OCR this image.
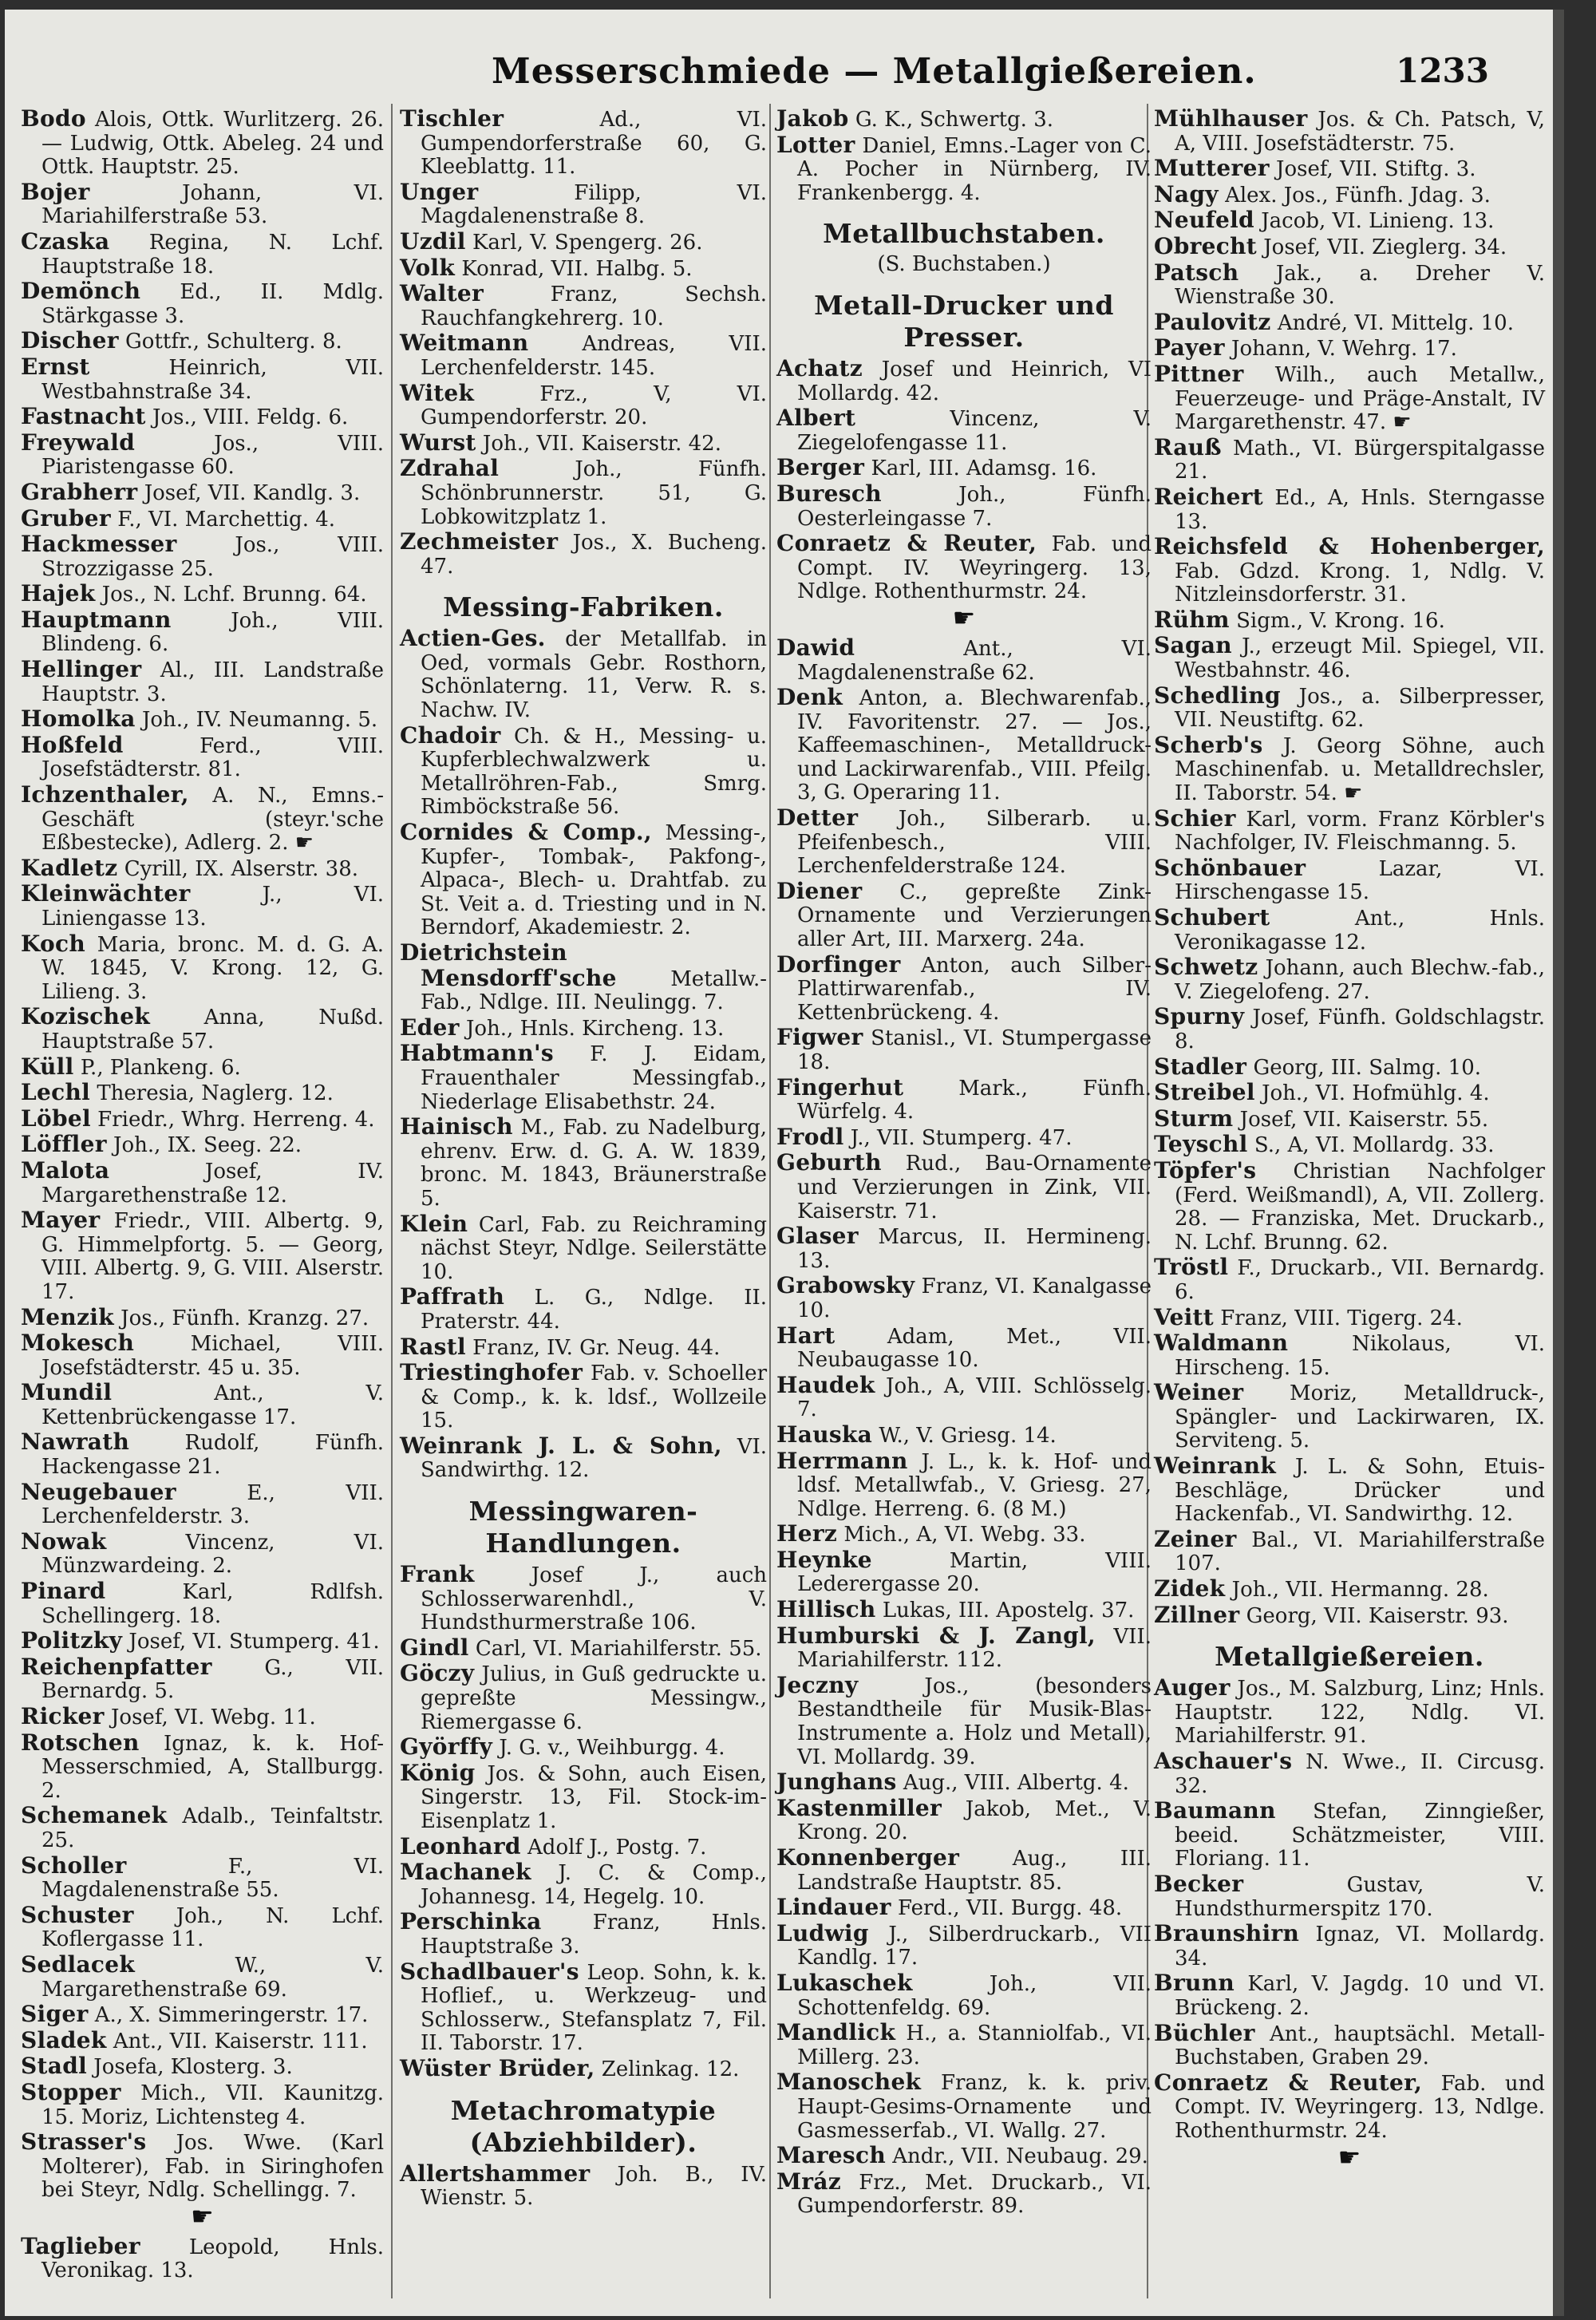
Messerschmiede — Metallgießereien.	1233
Bodo Alois, Ottk. Wurlitzerg. 26. — Ludwig, Ottk. Abeleg. 24 und Ottk. Hauptstr. 25.
Bojer	Johann, VI. Mariahilferstraße 53.
Czaska Regina, N. Lchf. Hauptstraße 18.
Demönch Ed., II. Mdlg. Stärkgasse 3.
Discher Gottfr., Schulterg. 8.
Ernst	Heinrich, VII. Westbahnstraße 34.
Fastnacht Jos., VIII. Feldg. 6.
Freywald	Jos., VIII. Piaristengasse 60.
Grabherr Josef, VII. Kandlg. 3.
Gruber F., VI. Marchettig. 4.
Hackmesser	Jos., VIII. Strozzigasse 25.
Hajek Jos., N. Lchf. Brunng. 64.
Hauptmann	Joh., VIII. Blindeng. 6.
Hellinger Al., III. Landstraße Hauptstr. 3.
Homolka Joh., IV. Neumanng. 5.
Hoßfeld	Ferd., VIII. Josefstädterstr. 81.
Ichzenthaler, A. N., Emns.-Geschäft (steyr.'sche Eßbestecke), Adlerg. 2. ☛
Kadletz Cyrill, IX. Alserstr. 38.
Kleinwächter	J., VI. Liniengasse 13.
Koch Maria, bronc. M. d. G. A. W. 1845, V. Krong. 12, G. Lilieng. 3.
Kozischek	Anna, Nußd. Hauptstraße 57.
Küll P., Plankeng. 6.
Lechl Theresia, Naglerg. 12.
Löbel Friedr., Whrg. Herreng. 4.
Löffler Joh., IX. Seeg. 22.
Malota	Josef, IV. Margarethenstraße 12.
Mayer Friedr., VIII. Albertg. 9, G. Himmelpfortg. 5. — Georg, VIII. Albertg. 9, G. VIII. Alserstr. 17.
Menzik Jos., Fünfh. Kranzg. 27.
Mokesch	Michael, VIII. Josefstädterstr. 45 u. 35.
Mundil	Ant., V. Kettenbrückengasse 17.
Nawrath	Rudolf, Fünfh. Hackengasse 21.
Neugebauer	E., VII. Lerchenfelderstr. 3.
Nowak	Vincenz, VI. Münzwardeing. 2.
Pinard	Karl, Rdlfsh. Schellingerg. 18.
Politzky Josef, VI. Stumperg. 41.
Reichenpfatter	G., VII. Bernardg. 5.
Ricker Josef, VI. Webg. 11.
Rotschen Ignaz, k. k. Hof-Messerschmied, A, Stallburgg. 2.
Schemanek Adalb., Teinfaltstr. 25.
Scholler	F., VI. Magdalenenstraße 55.
Schuster Joh., N. Lchf. Koflergasse 11.
Sedlacek	W., V. Margarethenstraße 69.
Siger A., X. Simmeringerstr. 17.
Sladek Ant., VII. Kaiserstr. 111.
Stadl Josefa, Klosterg. 3.
Stopper Mich., VII. Kaunitzg. 15. Moriz, Lichtensteg 4.
Strasser's Jos. Wwe. (Karl Molterer), Fab. in Siringhofen bei Steyr, Ndlg. Schellingg. 7.
☛
Taglieber Leopold, Hnls. Veronikag. 13.
Tischler	Ad., VI. Gumpendorferstraße 60, G. Kleeblattg. 11.
Unger	Filipp, VI. Magdalenenstraße 8.
Uzdil Karl, V. Spengerg. 26.
Volk Konrad, VII. Halbg. 5.
Walter	Franz, Sechsh. Rauchfangkehrerg. 10.
Weitmann	Andreas, VII. Lerchenfelderstr. 145.
Witek	Frz., V, VI. Gumpendorferstr. 20.
Wurst Joh., VII. Kaiserstr. 42.
Zdrahal	Joh., Fünfh. Schönbrunnerstr. 51, G. Lobkowitzplatz 1.
Zechmeister Jos., X. Bucheng. 47.
Messing-Fabriken.
Actien-Ges. der Metallfab. in Oed, vormals Gebr. Rosthorn, Schönlaterng. 11, Verw. R. s. Nachw. IV.
Chadoir Ch. & H., Messing- u. Kupferblechwalzwerk u. Metallröhren-Fab., Smrg. Rimböckstraße 56.
Cornides & Comp., Messing-, Kupfer-, Tombak-, Pakfong-, Alpaca-, Blech- u. Drahtfab. zu St. Veit a. d. Triesting und in N. Berndorf, Akademiestr. 2.
Dietrichstein Mensdorff'sche	Metallw.-Fab., Ndlge. III. Neulingg. 7.
Eder Joh., Hnls. Kircheng. 13.
Habtmann's F. J. Eidam, Frauenthaler Messingfab., Niederlage Elisabethstr. 24.
Hainisch M., Fab. zu Nadelburg, ehrenv. Erw. d. G. A. W. 1839, bronc. M. 1843, Bräunerstraße 5.
Klein Carl, Fab. zu Reichraming nächst Steyr, Ndlge. Seilerstätte 10.
Paffrath L. G., Ndlge. II. Praterstr. 44.
Rastl Franz, IV. Gr. Neug. 44.
Triestinghofer Fab. v. Schoeller & Comp., k. k. ldsf., Wollzeile 15.
Weinrank J. L. & Sohn, VI. Sandwirthg. 12.
Messingwaren-Handlungen.
Frank	Josef J., auch Schlosserwarenhdl., V. Hundsthurmerstraße 106.
Gindl Carl, VI. Mariahilferstr. 55.
Göczy Julius, in Guß gedruckte u. gepreßte Messingw., Riemergasse 6.
Györffy J. G. v., Weihburgg. 4.
König Jos. & Sohn, auch Eisen, Singerstr. 13, Fil. Stock-im-Eisenplatz 1.
Leonhard Adolf J., Postg. 7.
Machanek J. C. & Comp., Johannesg. 14, Hegelg. 10.
Perschinka Franz, Hnls. Hauptstraße 3.
Schadlbauer's Leop. Sohn, k. k. Hoflief., u. Werkzeug- und Schlosserw., Stefansplatz 7, Fil. II. Taborstr. 17.
Wüster Brüder, Zelinkag. 12.
Metachromatypie (Abziehbilder).
Allertshammer Joh. B., IV. Wienstr. 5.
Jakob G. K., Schwertg. 3.
Lotter Daniel, Emns.-Lager von C. A. Pocher in Nürnberg, IV. Frankenbergg. 4.
Metallbuchstaben.
(S. Buchstaben.)
Metall-Drucker und Presser.
Achatz Josef und Heinrich, VI Mollardg. 42.
Albert	Vincenz, V. Ziegelofengasse 11.
Berger Karl, III. Adamsg. 16.
Buresch	Joh., Fünfh. Oesterleingasse 7.
Conraetz & Reuter, Fab. und Compt. IV. Weyringerg. 13, Ndlge. Rothenthurmstr. 24.
☛
Dawid	Ant., VI. Magdalenenstraße 62.
Denk Anton, a. Blechwarenfab., IV. Favoritenstr. 27. — Jos., Kaffeemaschinen-, Metalldruck- und Lackirwarenfab., VIII. Pfeilg. 3, G. Operaring 11.
Detter Joh., Silberarb. u. Pfeifenbesch., VIII. Lerchenfelderstraße 124.
Diener C., gepreßte Zink-Ornamente und Verzierungen aller Art, III. Marxerg. 24a.
Dorfinger Anton, auch Silber-Plattirwarenfab., IV. Kettenbrückeng. 4.
Figwer Stanisl., VI. Stumpergasse 18.
Fingerhut	Mark., Fünfh. Würfelg. 4.
Frodl J., VII. Stumperg. 47.
Geburth Rud., Bau-Ornamente und Verzierungen in Zink, VII. Kaiserstr. 71.
Glaser Marcus, II. Hermineng. 13.
Grabowsky Franz, VI. Kanalgasse 10.
Hart	Adam, Met., VII. Neubaugasse 10.
Haudek Joh., A, VIII. Schlösselg. 7.
Hauska W., V. Griesg. 14.
Herrmann J. L., k. k. Hof- und ldsf. Metallwfab., V. Griesg. 27, Ndlge. Herreng. 6. (8 M.)
Herz Mich., A, VI. Webg. 33.
Heynke	Martin, VIII. Lederergasse 20.
Hillisch Lukas, III. Apostelg. 37.
Humburski & J. Zangl, VII. Mariahilferstr. 112.
Jeczny	Jos., (besonders Bestandtheile für Musik-Blas-Instrumente a. Holz und Metall), VI. Mollardg. 39.
Junghans Aug., VIII. Albertg. 4.
Kastenmiller Jakob, Met., V. Krong. 20.
Konnenberger	Aug., III. Landstraße Hauptstr. 85.
Lindauer Ferd., VII. Burgg. 48.
Ludwig J., Silberdruckarb., VII Kandlg. 17.
Lukaschek	Joh., VII. Schottenfeldg. 69.
Mandlick H., a. Stanniolfab., VI. Millerg. 23.
Manoschek Franz, k. k. priv. Haupt-Gesims-Ornamente und Gasmesserfab., VI. Wallg. 27.
Maresch Andr., VII. Neubaug. 29.
Mráz Frz., Met. Druckarb., VI. Gumpendorferstr. 89.
Mühlhauser Jos. & Ch. Patsch, V, A, VIII. Josefstädterstr. 75.
Mutterer Josef, VII. Stiftg. 3.
Nagy Alex. Jos., Fünfh. Jdag. 3.
Neufeld Jacob, VI. Linieng. 13.
Obrecht Josef, VII. Zieglerg. 34.
Patsch Jak., a. Dreher V. Wienstraße 30.
Paulovitz André, VI. Mittelg. 10.
Payer Johann, V. Wehrg. 17.
Pittner Wilh., auch Metallw., Feuerzeuge- und Präge-Anstalt, IV Margarethenstr. 47. ☛
Rauß Math., VI. Bürgerspitalgasse 21.
Reichert Ed., A, Hnls. Sterngasse 13.
Reichsfeld & Hohenberger, Fab. Gdzd. Krong. 1, Ndlg. V. Nitzleinsdorferstr. 31.
Rühm Sigm., V. Krong. 16.
Sagan J., erzeugt Mil. Spiegel, VII. Westbahnstr. 46.
Schedling Jos., a. Silberpresser, VII. Neustiftg. 62.
Scherb's J. Georg Söhne, auch Maschinenfab. u. Metalldrechsler, II. Taborstr. 54. ☛
Schier Karl, vorm. Franz Körbler's Nachfolger, IV. Fleischmanng. 5.
Schönbauer	Lazar, VI. Hirschengasse 15.
Schubert	Ant., Hnls. Veronikagasse 12.
Schwetz Johann, auch Blechw.-fab., V. Ziegelofeng. 27.
Spurny Josef, Fünfh. Goldschlagstr. 8.
Stadler Georg, III. Salmg. 10.
Streibel Joh., VI. Hofmühlg. 4.
Sturm Josef, VII. Kaiserstr. 55.
Teyschl S., A, VI. Mollardg. 33.
Töpfer's Christian Nachfolger (Ferd. Weißmandl), A, VII. Zollerg. 28. — Franziska, Met. Druckarb., N. Lchf. Brunng. 62.
Tröstl F., Druckarb., VII. Bernardg. 6.
Veitt Franz, VIII. Tigerg. 24.
Waldmann	Nikolaus, VI. Hirscheng. 15.
Weiner Moriz, Metalldruck-, Spängler- und Lackirwaren, IX. Serviteng. 5.
Weinrank J. L. & Sohn, Etuis-Beschläge, Drücker und Hackenfab., VI. Sandwirthg. 12.
Zeiner Bal., VI. Mariahilferstraße 107.
Zidek Joh., VII. Hermanng. 28.
Zillner Georg, VII. Kaiserstr. 93.
Metallgießereien.
Auger Jos., M. Salzburg, Linz; Hnls. Hauptstr. 122, Ndlg. VI. Mariahilferstr. 91.
Aschauer's N. Wwe., II. Circusg. 32.
Baumann Stefan, Zinngießer, beeid. Schätzmeister, VIII. Floriang. 11.
Becker	Gustav, V. Hundsthurmerspitz 170.
Braunshirn Ignaz, VI. Mollardg. 34.
Brunn Karl, V. Jagdg. 10 und VI. Brückeng. 2.
Büchler Ant., hauptsächl. Metall-Buchstaben, Graben 29.
Conraetz & Reuter, Fab. und Compt. IV. Weyringerg. 13, Ndlge. Rothenthurmstr. 24.
☛
